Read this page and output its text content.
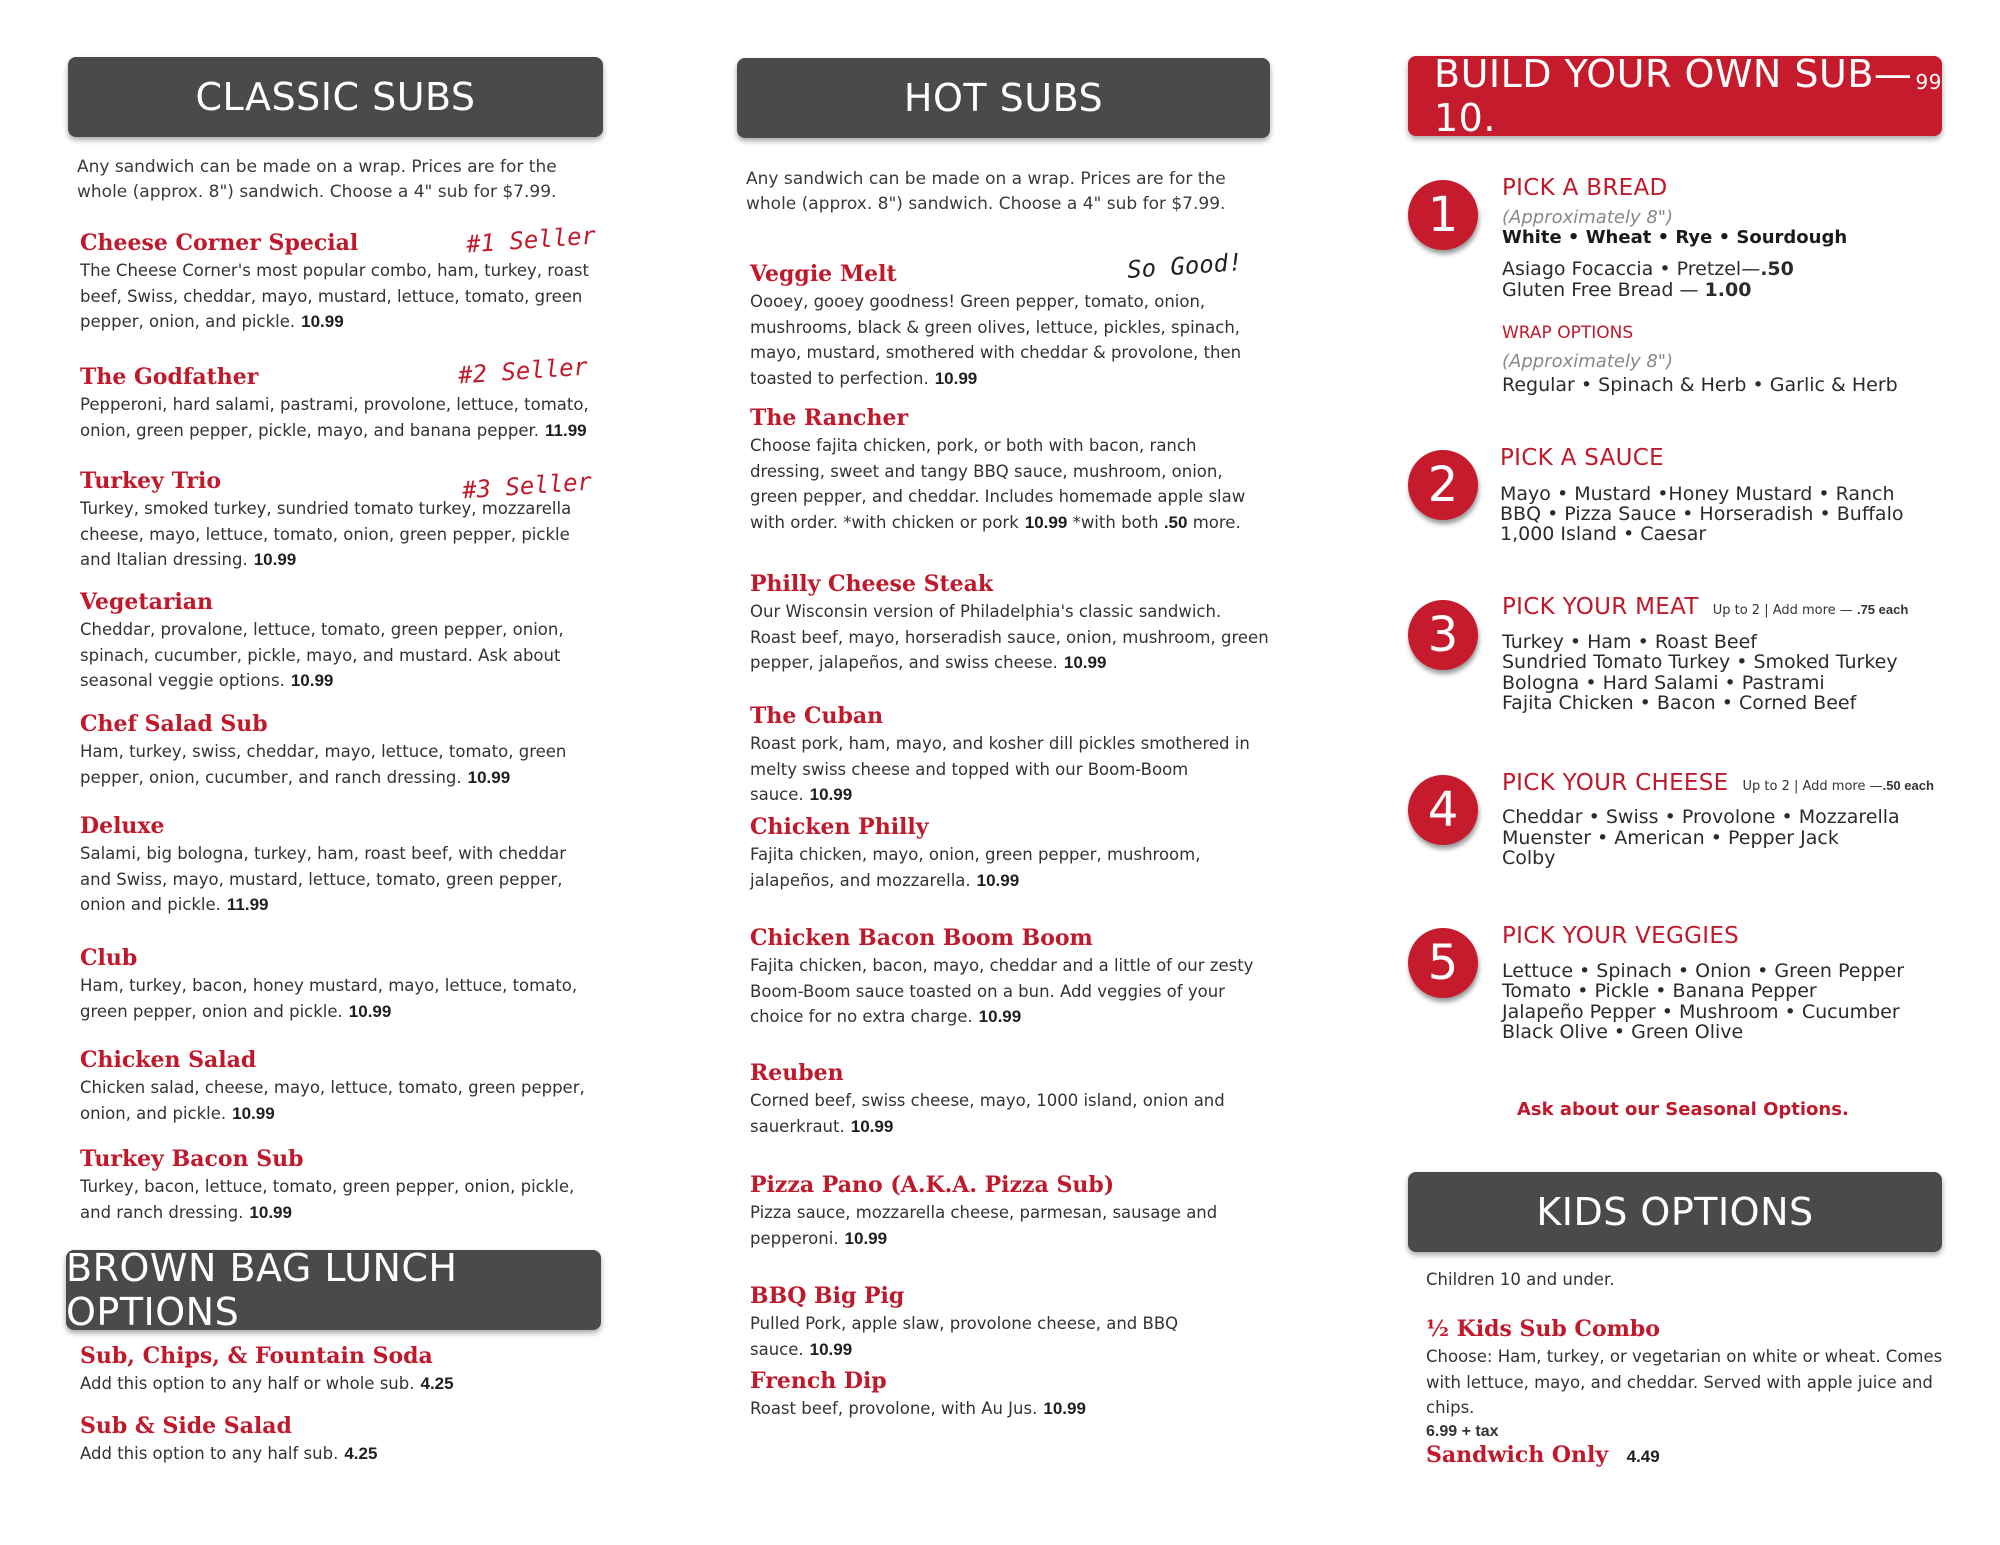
CLASSIC SUBS
Any sandwich can be made on a wrap. Prices are for the whole (approx. 8") sandwich. Choose a 4" sub for $7.99.
Cheese Corner Special
The Cheese Corner's most popular combo, ham, turkey, roast beef, Swiss, cheddar, mayo, mustard, lettuce, tomato, green pepper, onion, and pickle. 10.99
#1 Seller
The Godfather
Pepperoni, hard salami, pastrami, provolone, lettuce, tomato, onion, green pepper, pickle, mayo, and banana pepper. 11.99
#2 Seller
Turkey Trio
Turkey, smoked turkey, sundried tomato turkey, mozzarella cheese, mayo, lettuce, tomato, onion, green pepper, pickle and Italian dressing. 10.99
#3 Seller
Vegetarian
Cheddar, provalone, lettuce, tomato, green pepper, onion, spinach, cucumber, pickle, mayo, and mustard. Ask about seasonal veggie options. 10.99
Chef Salad Sub
Ham, turkey, swiss, cheddar, mayo, lettuce, tomato, green pepper, onion, cucumber, and ranch dressing. 10.99
Deluxe
Salami, big bologna, turkey, ham, roast beef, with cheddar and Swiss, mayo, mustard, lettuce, tomato, green pepper, onion and pickle. 11.99
Club
Ham, turkey, bacon, honey mustard, mayo, lettuce, tomato, green pepper, onion and pickle. 10.99
Chicken Salad
Chicken salad, cheese, mayo, lettuce, tomato, green pepper, onion, and pickle. 10.99
Turkey Bacon Sub
Turkey, bacon, lettuce, tomato, green pepper, onion, pickle, and ranch dressing. 10.99
BROWN BAG LUNCH OPTIONS
Sub, Chips, & Fountain Soda
Add this option to any half or whole sub. 4.25
Sub & Side Salad
Add this option to any half sub. 4.25
HOT SUBS
Any sandwich can be made on a wrap. Prices are for the whole (approx. 8") sandwich. Choose a 4" sub for $7.99.
Veggie Melt
Oooey, gooey goodness! Green pepper, tomato, onion, mushrooms, black & green olives, lettuce, pickles, spinach, mayo, mustard, smothered with cheddar & provolone, then toasted to perfection. 10.99
So Good!
The Rancher
Choose fajita chicken, pork, or both with bacon, ranch dressing, sweet and tangy BBQ sauce, mushroom, onion, green pepper, and cheddar. Includes homemade apple slaw with order. *with chicken or pork 10.99 *with both .50 more.
Philly Cheese Steak
Our Wisconsin version of Philadelphia's classic sandwich. Roast beef, mayo, horseradish sauce, onion, mushroom, green pepper, jalapeños, and swiss cheese. 10.99
The Cuban
Roast pork, ham, mayo, and kosher dill pickles smothered in melty swiss cheese and topped with our Boom-Boom sauce. 10.99
Chicken Philly
Fajita chicken, mayo, onion, green pepper, mushroom, jalapeños, and mozzarella. 10.99
Chicken Bacon Boom Boom
Fajita chicken, bacon, mayo, cheddar and a little of our zesty Boom-Boom sauce toasted on a bun. Add veggies of your choice for no extra charge. 10.99
Reuben
Corned beef, swiss cheese, mayo, 1000 island, onion and sauerkraut. 10.99
Pizza Pano (A.K.A. Pizza Sub)
Pizza sauce, mozzarella cheese, parmesan, sausage and pepperoni. 10.99
BBQ Big Pig
Pulled Pork, apple slaw, provolone cheese, and BBQ sauce. 10.99
French Dip
Roast beef, provolone, with Au Jus. 10.99
BUILD YOUR OWN SUB—10.
$^{99}$
1	PICK A BREAD
(Approximately 8")
White • Wheat • Rye • Sourdough
Asiago Focaccia • Pretzel—.50
Gluten Free Bread — 1.00
WRAP OPTIONS
(Approximately 8")
Regular • Spinach & Herb • Garlic & Herb
2	PICK A SAUCE
Mayo • Mustard •Honey Mustard • Ranch
BBQ • Pizza Sauce • Horseradish • Buffalo
1,000 Island • Caesar
3	PICK YOUR MEAT Up to 2 | Add more — .75 each
Turkey • Ham • Roast Beef
Sundried Tomato Turkey • Smoked Turkey
Bologna • Hard Salami • Pastrami
Fajita Chicken • Bacon • Corned Beef
4	PICK YOUR CHEESE Up to 2 | Add more —.50 each
Cheddar • Swiss • Provolone • Mozzarella
Muenster • American • Pepper Jack
Colby
5	PICK YOUR VEGGIES
Lettuce • Spinach • Onion • Green Pepper
Tomato • Pickle • Banana Pepper
Jalapeño Pepper • Mushroom • Cucumber
Black Olive • Green Olive
Ask about our Seasonal Options.
KIDS OPTIONS
Children 10 and under.
½ Kids Sub Combo
Choose: Ham, turkey, or vegetarian on white or wheat. Comes with lettuce, mayo, and cheddar. Served with apple juice and chips.
6.99 + tax
Sandwich Only 4.49
